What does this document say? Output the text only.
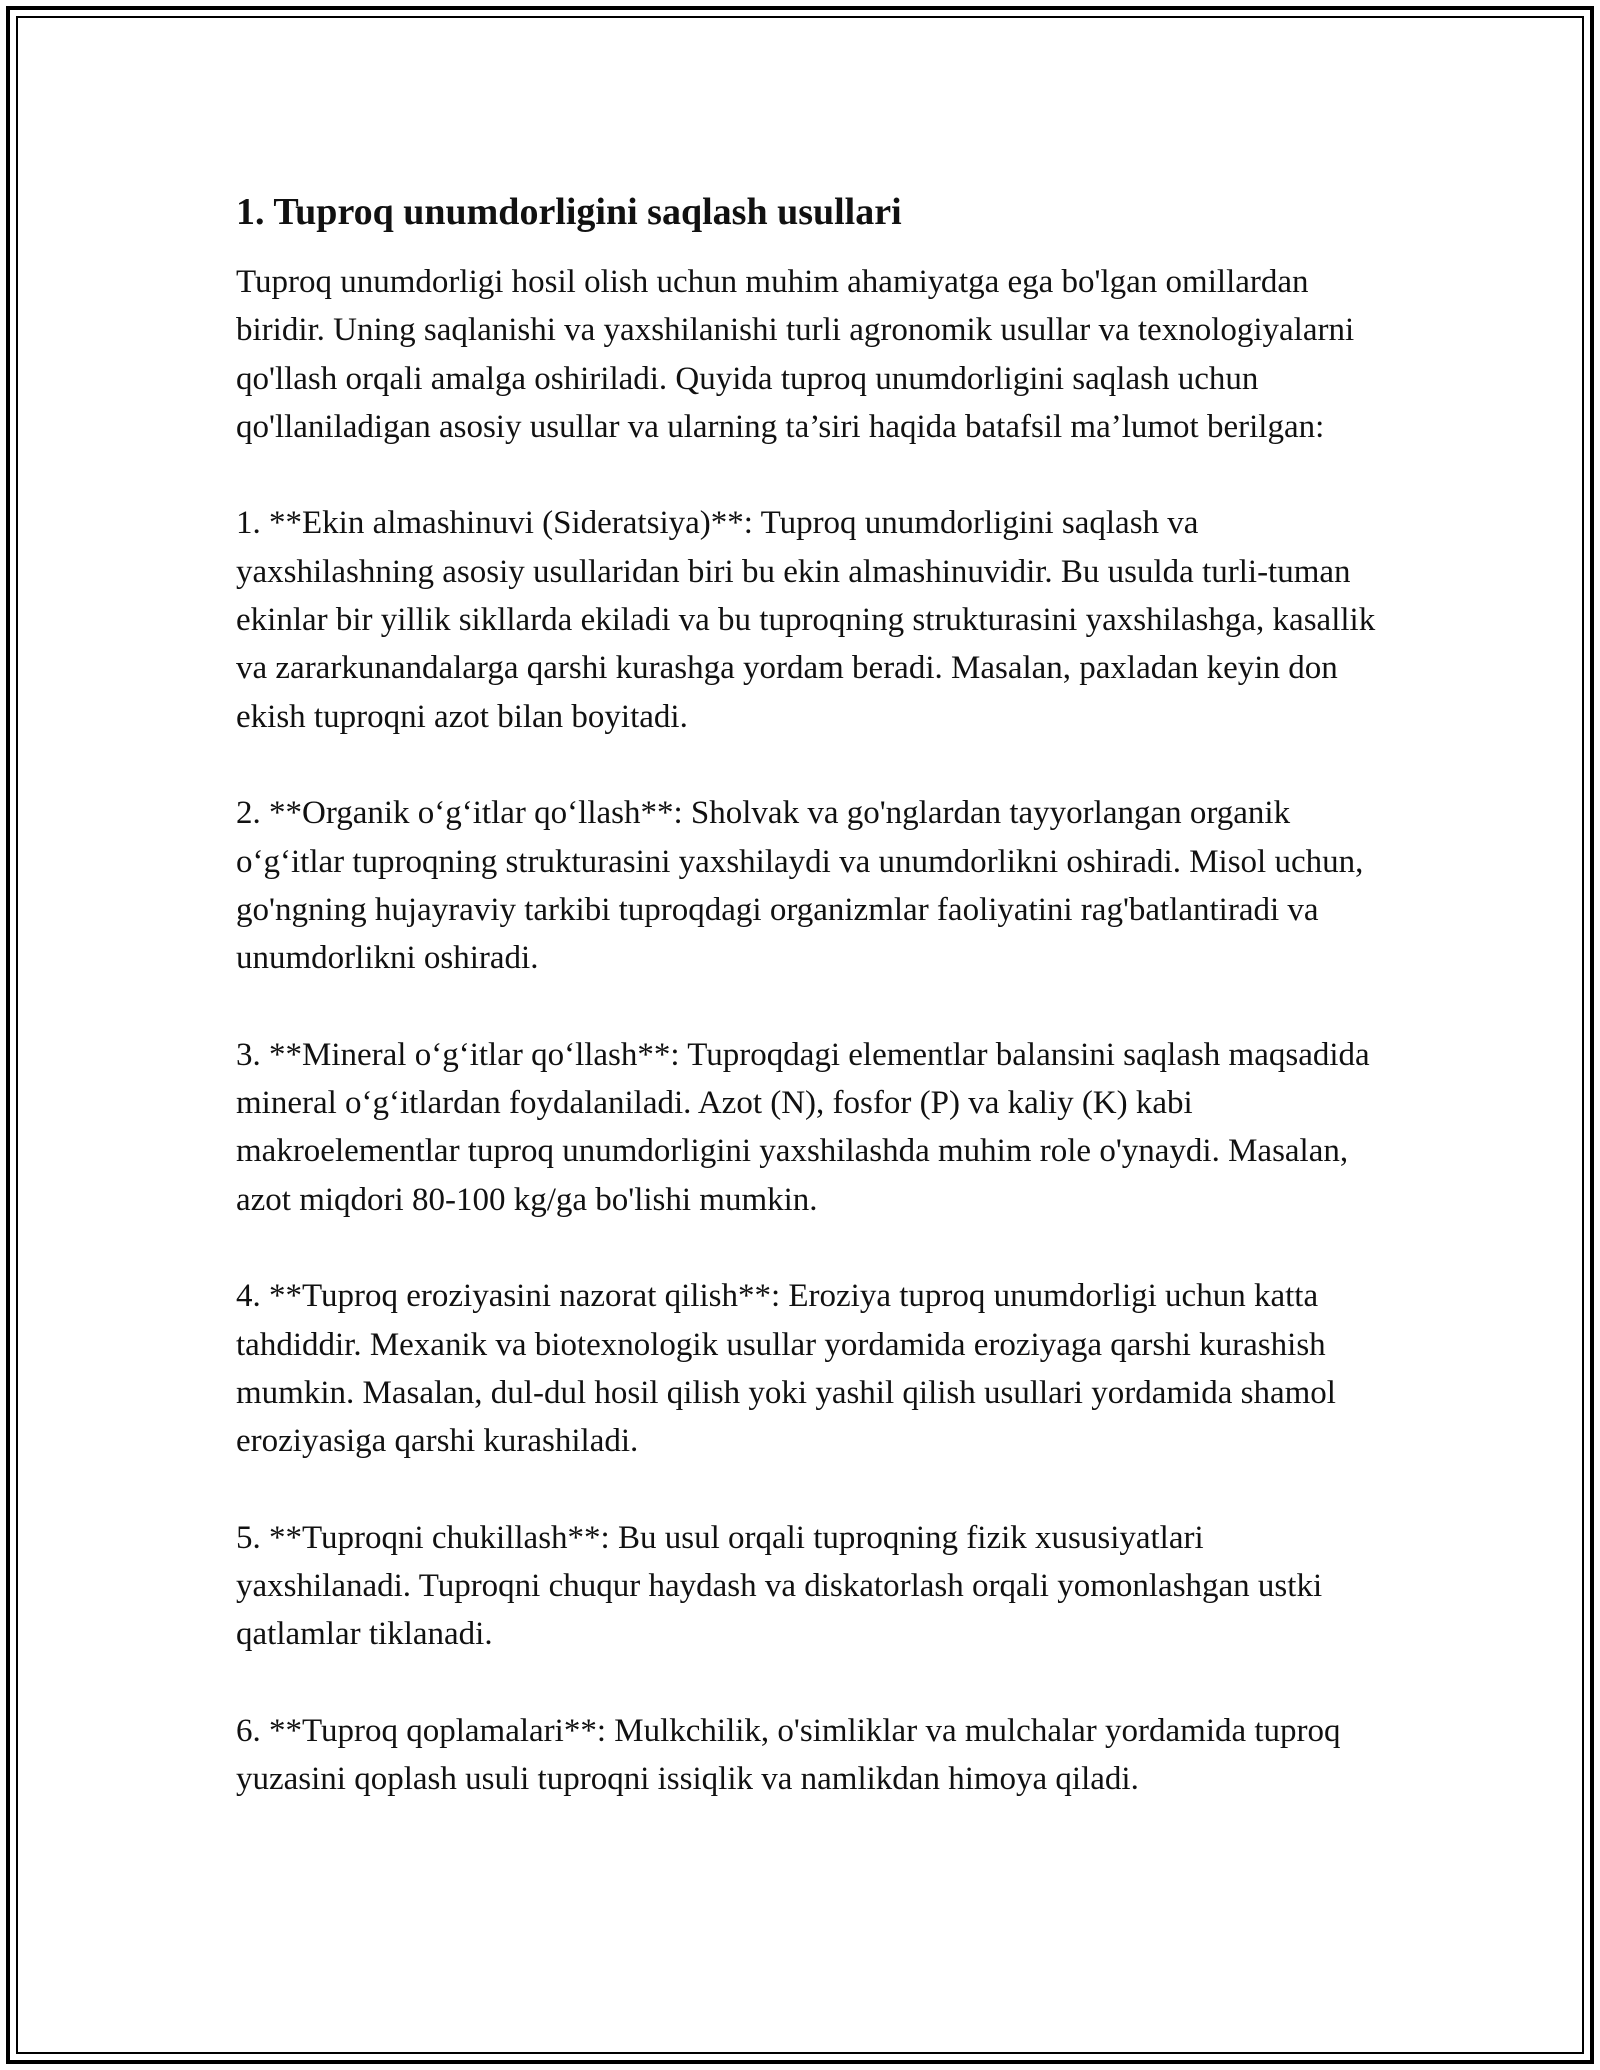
1. Tuproq unumdorligini saqlash usullari

Tuproq unumdorligi hosil olish uchun muhim ahamiyatga ega bo'lgan omillardan biridir. Uning saqlanishi va yaxshilanishi turli agronomik usullar va texnologiyalarni qo'llash orqali amalga oshiriladi. Quyida tuproq unumdorligini saqlash uchun qo'llaniladigan asosiy usullar va ularning ta’siri haqida batafsil ma’lumot berilgan:

1. **Ekin almashinuvi (Sideratsiya)**: Tuproq unumdorligini saqlash va yaxshilashning asosiy usullaridan biri bu ekin almashinuvidir. Bu usulda turli-tuman ekinlar bir yillik sikllarda ekiladi va bu tuproqning strukturasini yaxshilashga, kasallik va zararkunandalarga qarshi kurashga yordam beradi. Masalan, paxladan keyin don ekish tuproqni azot bilan boyitadi.

2. **Organik o‘g‘itlar qo‘llash**: Sholvak va go'nglardan tayyorlangan organik o‘g‘itlar tuproqning strukturasini yaxshilaydi va unumdorlikni oshiradi. Misol uchun, go'ngning hujayraviy tarkibi tuproqdagi organizmlar faoliyatini rag'batlantiradi va unumdorlikni oshiradi.

3. **Mineral o‘g‘itlar qo‘llash**: Tuproqdagi elementlar balansini saqlash maqsadida mineral o‘g‘itlardan foydalaniladi. Azot (N), fosfor (P) va kaliy (K) kabi makroelementlar tuproq unumdorligini yaxshilashda muhim role o'ynaydi. Masalan, azot miqdori 80-100 kg/ga bo'lishi mumkin.

4. **Tuproq eroziyasini nazorat qilish**: Eroziya tuproq unumdorligi uchun katta tahdiddir. Mexanik va biotexnologik usullar yordamida eroziyaga qarshi kurashish mumkin. Masalan, dul-dul hosil qilish yoki yashil qilish usullari yordamida shamol eroziyasiga qarshi kurashiladi.

5. **Tuproqni chukillash**: Bu usul orqali tuproqning fizik xususiyatlari yaxshilanadi. Tuproqni chuqur haydash va diskatorlash orqali yomonlashgan ustki qatlamlar tiklanadi.

6. **Tuproq qoplamalari**: Mulkchilik, o'simliklar va mulchalar yordamida tuproq yuzasini qoplash usuli tuproqni issiqlik va namlikdan himoya qiladi.
